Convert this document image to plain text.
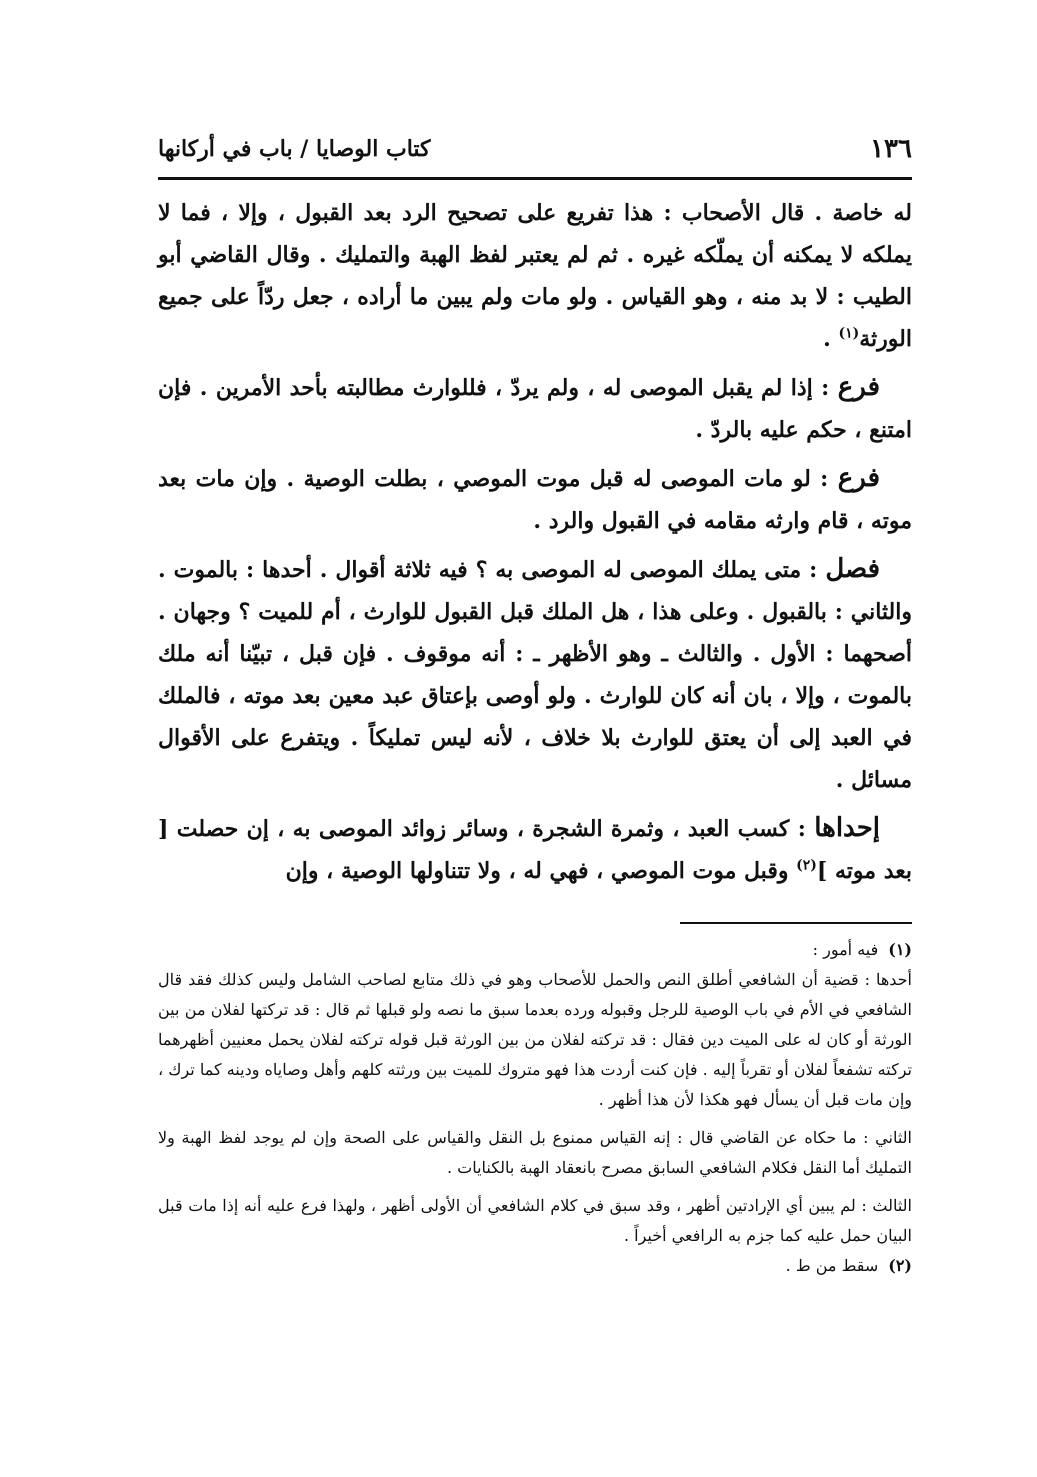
١٣٦
كتاب الوصايا / باب في أركانها

له خاصة . قال الأصحاب : هذا تفريع على تصحيح الرد بعد القبول ، وإلا ، فما لا يملكه لا يمكنه أن يملّكه غيره . ثم لم يعتبر لفظ الهبة والتمليك . وقال القاضي أبو الطيب : لا بد منه ، وهو القياس . ولو مات ولم يبين ما أراده ، جعل ردّاً على جميع الورثة$^{(١)}$ .

فرع : إذا لم يقبل الموصى له ، ولم يردّ ، فللوارث مطالبته بأحد الأمرين . فإن امتنع ، حكم عليه بالردّ .

فرع : لو مات الموصى له قبل موت الموصي ، بطلت الوصية . وإن مات بعد موته ، قام وارثه مقامه في القبول والرد .

فصل : متى يملك الموصى له الموصى به ؟ فيه ثلاثة أقوال . أحدها : بالموت . والثاني : بالقبول . وعلى هذا ، هل الملك قبل القبول للوارث ، أم للميت ؟ وجهان . أصحهما : الأول . والثالث ـ وهو الأظهر ـ : أنه موقوف . فإن قبل ، تبيّنا أنه ملك بالموت ، وإلا ، بان أنه كان للوارث . ولو أوصى بإعتاق عبد معين بعد موته ، فالملك في العبد إلى أن يعتق للوارث بلا خلاف ، لأنه ليس تمليكاً . ويتفرع على الأقوال مسائل .

إحداها : كسب العبد ، وثمرة الشجرة ، وسائر زوائد الموصى به ، إن حصلت [ بعد موته ]$^{(٢)}$ وقبل موت الموصي ، فهي له ، ولا تتناولها الوصية ، وإن

(١)فيه أمور :

أحدها : قضية أن الشافعي أطلق النص والحمل للأصحاب وهو في ذلك متابع لصاحب الشامل وليس كذلك فقد قال الشافعي في الأم في باب الوصية للرجل وقبوله ورده بعدما سبق ما نصه ولو قبلها ثم قال : قد تركتها لفلان من بين الورثة أو كان له على الميت دين فقال : قد تركته لفلان من بين الورثة قبل قوله تركته لفلان يحمل معنيين أظهرهما تركته تشفعاً لفلان أو تقرباً إليه . فإن كنت أردت هذا فهو متروك للميت بين ورثته كلهم وأهل وصاياه ودينه كما ترك ، وإن مات قبل أن يسأل فهو هكذا لأن هذا أظهر .

الثاني : ما حكاه عن القاضي قال : إنه القياس ممنوع بل النقل والقياس على الصحة وإن لم يوجد لفظ الهبة ولا التمليك أما النقل فكلام الشافعي السابق مصرح بانعقاد الهبة بالكنايات .

الثالث : لم يبين أي الإرادتين أظهر ، وقد سبق في كلام الشافعي أن الأولى أظهر ، ولهذا فرع عليه أنه إذا مات قبل البيان حمل عليه كما جزم به الرافعي أخيراً .

(٢)سقط من ط .
